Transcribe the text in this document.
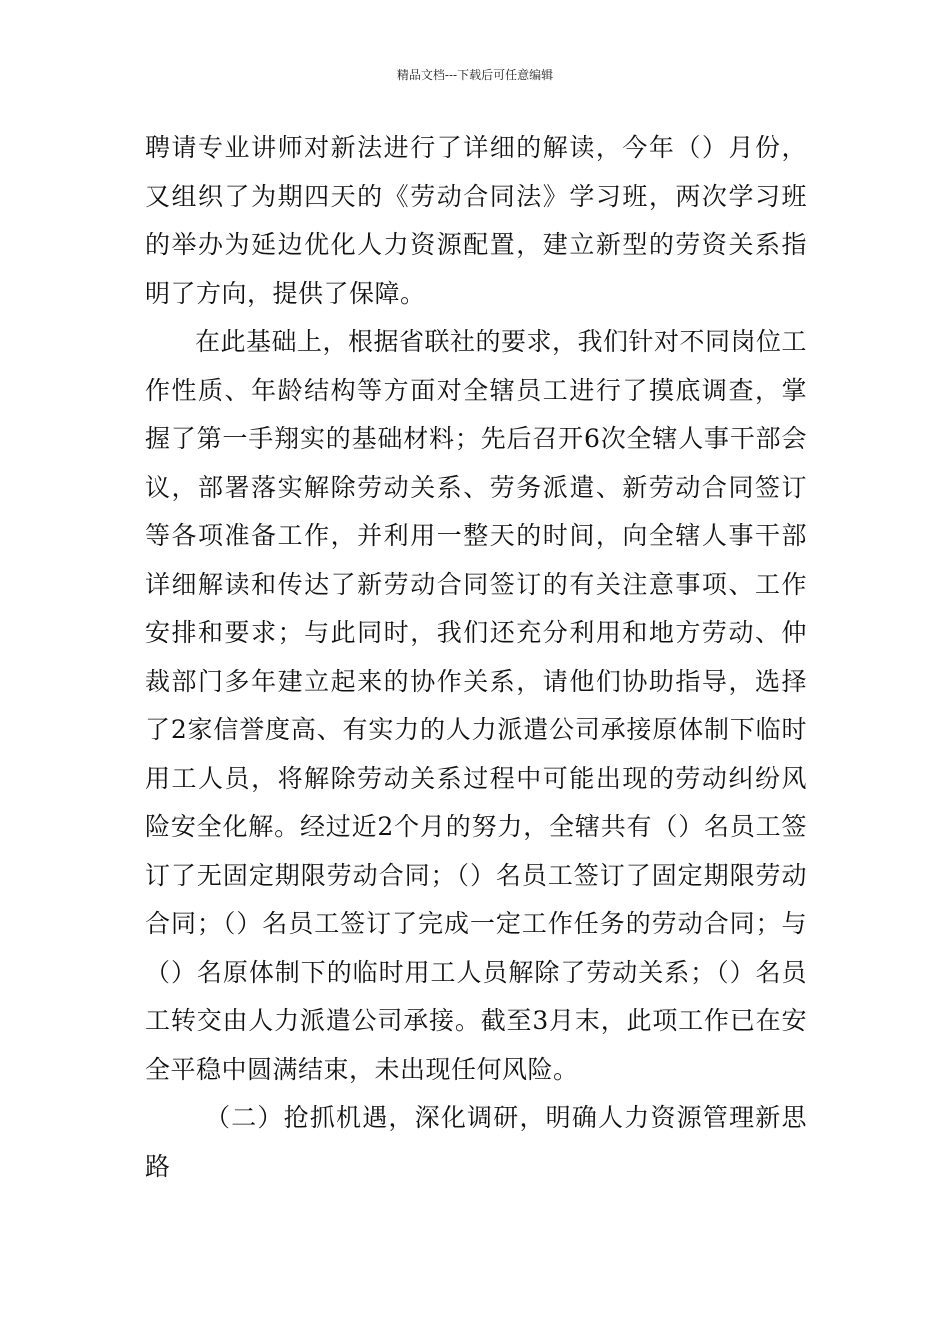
精品文档---下载后可任意编辑

聘请专业讲师对新法进行了详细的解读，今年（）月份，又组织了为期四天的《劳动合同法》学习班，两次学习班的举办为延边优化人力资源配置，建立新型的劳资关系指明了方向，提供了保障。

在此基础上，根据省联社的要求，我们针对不同岗位工作性质、年龄结构等方面对全辖员工进行了摸底调查，掌握了第一手翔实的基础材料；先后召开6次全辖人事干部会议，部署落实解除劳动关系、劳务派遣、新劳动合同签订等各项准备工作，并利用一整天的时间，向全辖人事干部详细解读和传达了新劳动合同签订的有关注意事项、工作安排和要求；与此同时，我们还充分利用和地方劳动、仲裁部门多年建立起来的协作关系，请他们协助指导，选择了2家信誉度高、有实力的人力派遣公司承接原体制下临时用工人员，将解除劳动关系过程中可能出现的劳动纠纷风险安全化解。经过近2个月的努力，全辖共有（）名员工签订了无固定期限劳动合同；（）名员工签订了固定期限劳动合同；（）名员工签订了完成一定工作任务的劳动合同；与（）名原体制下的临时用工人员解除了劳动关系；（）名员工转交由人力派遣公司承接。截至3月末，此项工作已在安全平稳中圆满结束，未出现任何风险。

（二）抢抓机遇，深化调研，明确人力资源管理新思路
